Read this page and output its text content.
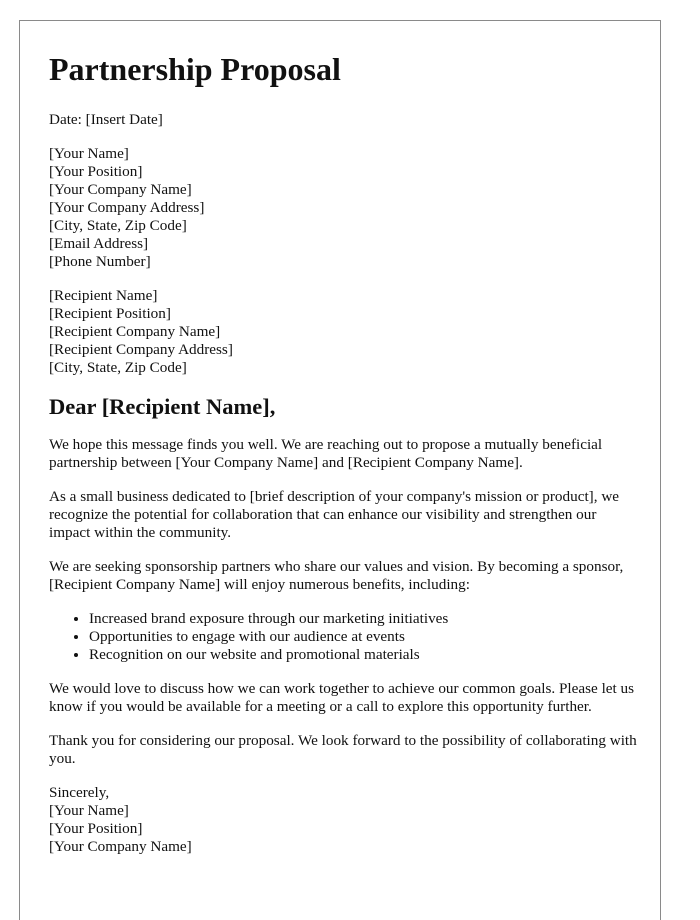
Partnership Proposal
Date: [Insert Date]
[Your Name]
[Your Position]
[Your Company Name]
[Your Company Address]
[City, State, Zip Code]
[Email Address]
[Phone Number]
[Recipient Name]
[Recipient Position]
[Recipient Company Name]
[Recipient Company Address]
[City, State, Zip Code]
Dear [Recipient Name],

We hope this message finds you well. We are reaching out to propose a mutually beneficial partnership between [Your Company Name] and [Recipient Company Name].

As a small business dedicated to [brief description of your company's mission or product], we recognize the potential for collaboration that can enhance our visibility and strengthen our impact within the community.

We are seeking sponsorship partners who share our values and vision. By becoming a sponsor, [Recipient Company Name] will enjoy numerous benefits, including:

• Increased brand exposure through our marketing initiatives
• Opportunities to engage with our audience at events
• Recognition on our website and promotional materials

We would love to discuss how we can work together to achieve our common goals. Please let us know if you would be available for a meeting or a call to explore this opportunity further.

Thank you for considering our proposal. We look forward to the possibility of collaborating with you.

Sincerely,
[Your Name]
[Your Position]
[Your Company Name]
